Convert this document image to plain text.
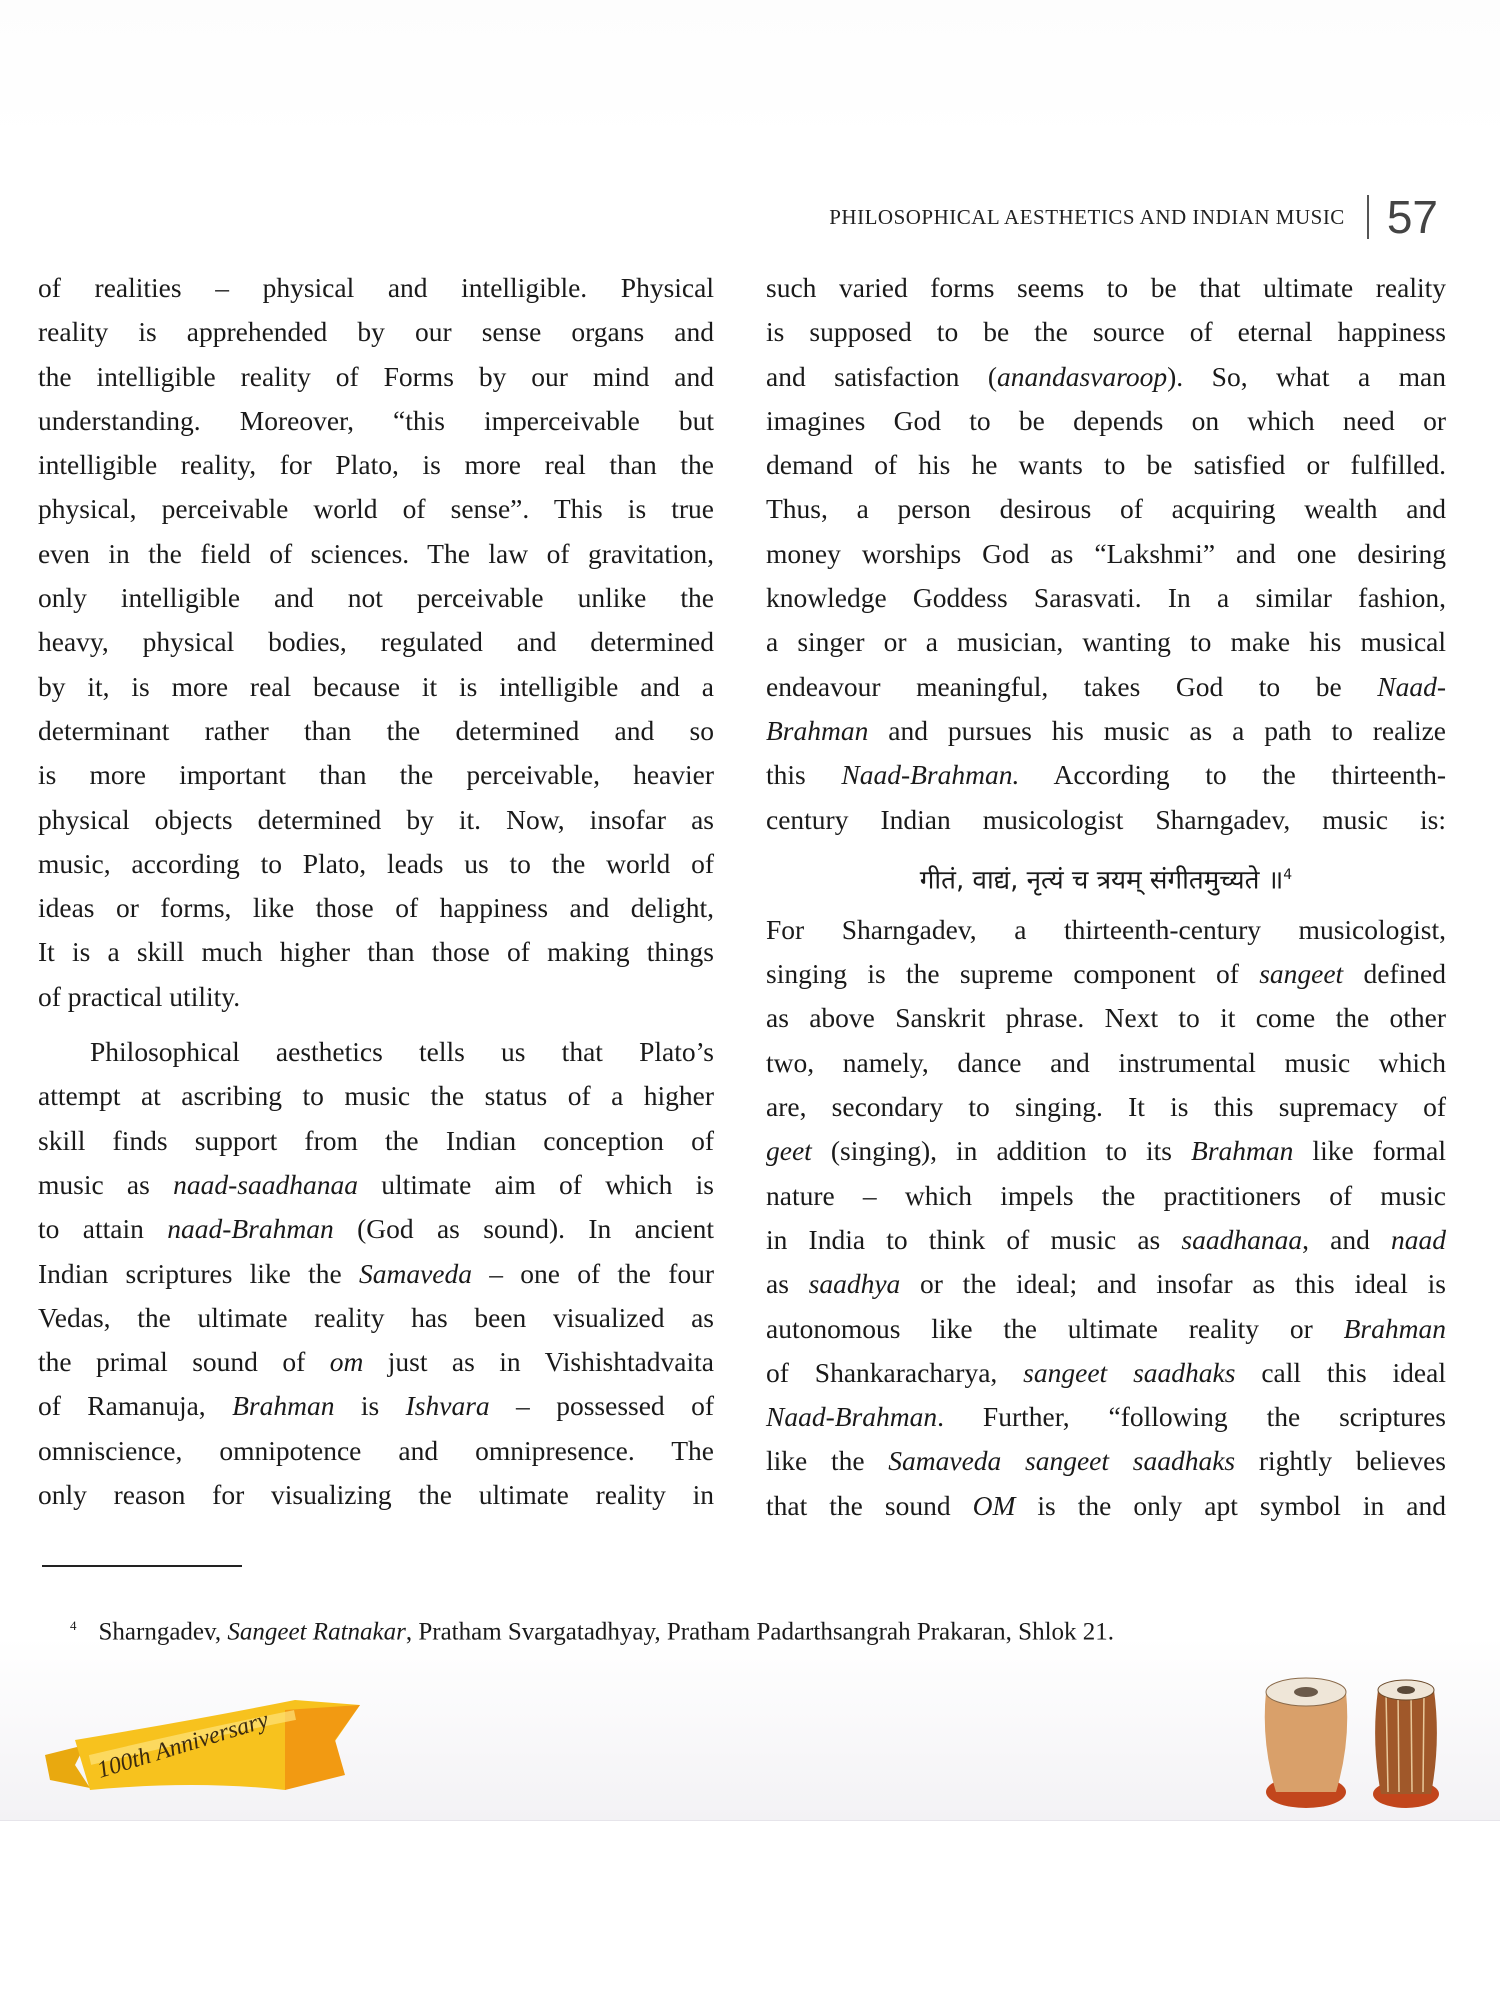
PHILOSOPHICAL AESTHETICS AND INDIAN MUSIC 57
of realities – physical and intelligible. Physical
reality is apprehended by our sense organs and
the intelligible reality of Forms by our mind and
understanding. Moreover, “this imperceivable but
intelligible reality, for Plato, is more real than the
physical, perceivable world of sense”. This is true
even in the field of sciences. The law of gravitation,
only intelligible and not perceivable unlike the
heavy, physical bodies, regulated and determined
by it, is more real because it is intelligible and a
determinant rather than the determined and so
is more important than the perceivable, heavier
physical objects determined by it. Now, insofar as
music, according to Plato, leads us to the world of
ideas or forms, like those of happiness and delight,
It is a skill much higher than those of making things
of practical utility.
Philosophical aesthetics tells us that Plato’s
attempt at ascribing to music the status of a higher
skill finds support from the Indian conception of
music as naad-saadhanaa ultimate aim of which is
to attain naad-Brahman (God as sound). In ancient
Indian scriptures like the Samaveda – one of the four
Vedas, the ultimate reality has been visualized as
the primal sound of om just as in Vishishtadvaita
of Ramanuja, Brahman is Ishvara – possessed of
omniscience, omnipotence and omnipresence. The
only reason for visualizing the ultimate reality in
such varied forms seems to be that ultimate reality
is supposed to be the source of eternal happiness
and satisfaction (anandasvaroop). So, what a man
imagines God to be depends on which need or
demand of his he wants to be satisfied or fulfilled.
Thus, a person desirous of acquiring wealth and
money worships God as “Lakshmi” and one desiring
knowledge Goddess Sarasvati. In a similar fashion,
a singer or a musician, wanting to make his musical
endeavour meaningful, takes God to be Naad-
Brahman and pursues his music as a path to realize
this Naad-Brahman. According to the thirteenth-
century Indian musicologist Sharngadev, music is:
गीतं, वाद्यं, नृत्यं च त्रयम् संगीतमुच्यते ॥$^4$
For Sharngadev, a thirteenth-century musicologist,
singing is the supreme component of sangeet defined
as above Sanskrit phrase. Next to it come the other
two, namely, dance and instrumental music which
are, secondary to singing. It is this supremacy of
geet (singing), in addition to its Brahman like formal
nature – which impels the practitioners of music
in India to think of music as saadhanaa, and naad
as saadhya or the ideal; and insofar as this ideal is
autonomous like the ultimate reality or Brahman
of Shankaracharya, sangeet saadhaks call this ideal
Naad-Brahman. Further, “following the scriptures
like the Samaveda sangeet saadhaks rightly believes
that the sound OM is the only apt symbol in and
$^4$ Sharngadev, Sangeet Ratnakar, Pratham Svargatadhyay, Pratham Padarthsangrah Prakaran, Shlok 21.
100th Anniversary
